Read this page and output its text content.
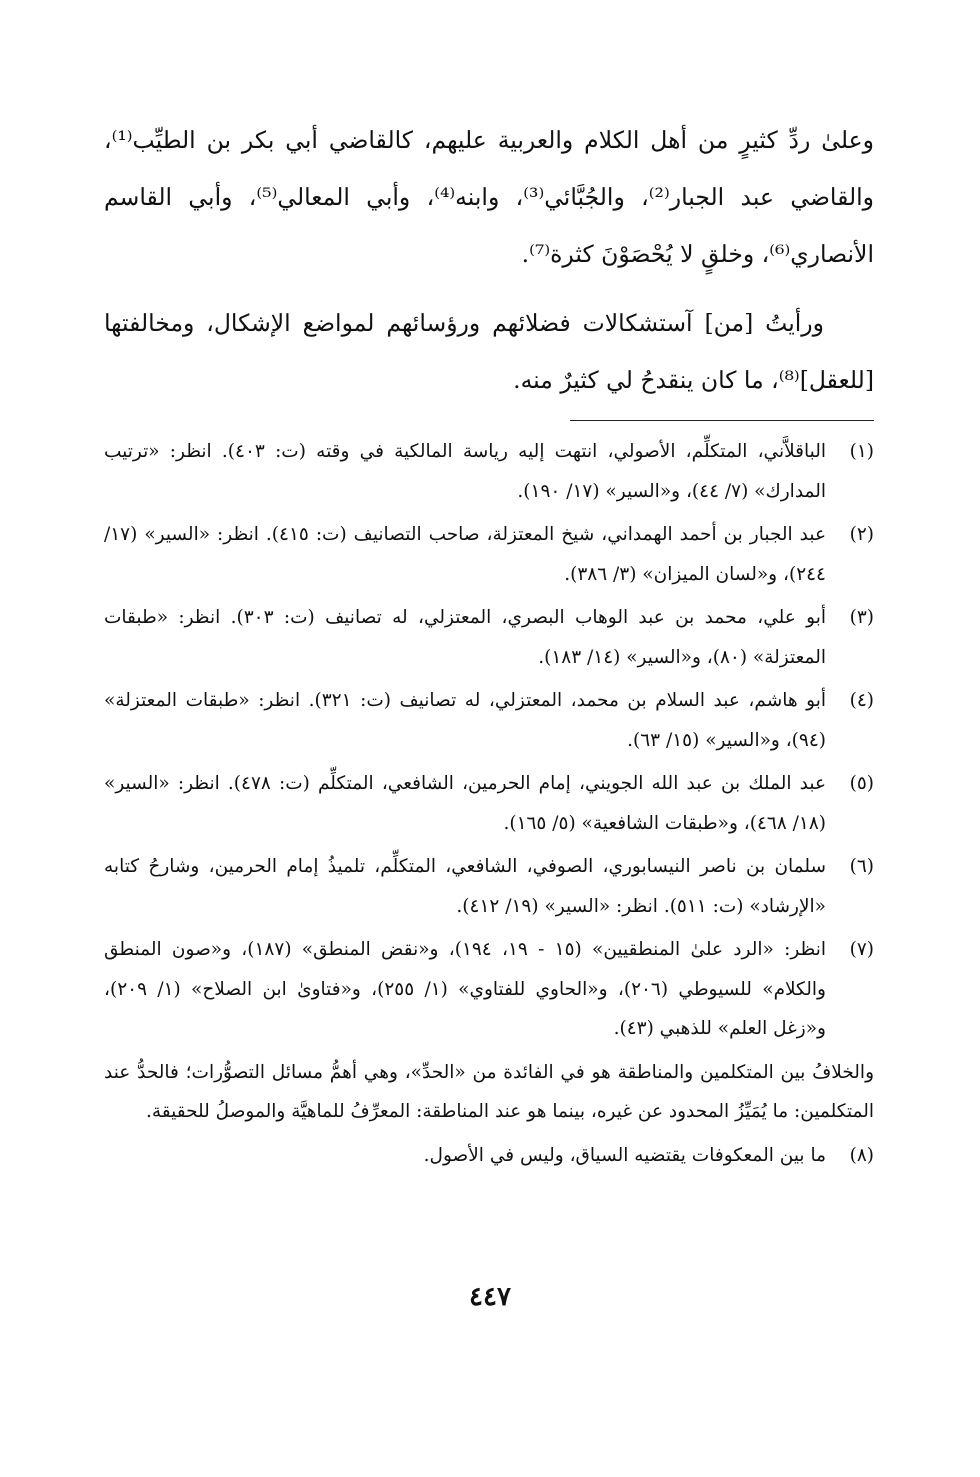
وعلىٰ ردِّ كثيرٍ من أهل الكلام والعربية عليهم، كالقاضي أبي بكر بن الطيِّب⁽¹⁾، والقاضي عبد الجبار⁽²⁾، والجُبَّائي⁽³⁾، وابنه⁽⁴⁾، وأبي المعالي⁽⁵⁾، وأبي القاسم الأنصاري⁽⁶⁾، وخلقٍ لا يُحْصَوْنَ كثرة⁽⁷⁾.

ورأيتُ [من] آستشكالات فضلائهم ورؤسائهم لمواضع الإشكال، ومخالفتها [للعقل]⁽⁸⁾، ما كان ينقدحُ لي كثيرٌ منه.

(١)
الباقلاَّني، المتكلِّم، الأصولي، انتهت إليه رياسة المالكية في وقته (ت: ٤٠٣). انظر: «ترتيب المدارك» (٧/ ٤٤)، و«السير» (١٧/ ١٩٠).
(٢)
عبد الجبار بن أحمد الهمداني، شيخ المعتزلة، صاحب التصانيف (ت: ٤١٥). انظر: «السير» (١٧/ ٢٤٤)، و«لسان الميزان» (٣/ ٣٨٦).
(٣)
أبو علي، محمد بن عبد الوهاب البصري، المعتزلي، له تصانيف (ت: ٣٠٣). انظر: «طبقات المعتزلة» (٨٠)، و«السير» (١٤/ ١٨٣).
(٤)
أبو هاشم، عبد السلام بن محمد، المعتزلي، له تصانيف (ت: ٣٢١). انظر: «طبقات المعتزلة» (٩٤)، و«السير» (١٥/ ٦٣).
(٥)
عبد الملك بن عبد الله الجويني، إمام الحرمين، الشافعي، المتكلِّم (ت: ٤٧٨). انظر: «السير» (١٨/ ٤٦٨)، و«طبقات الشافعية» (٥/ ١٦٥).
(٦)
سلمان بن ناصر النيسابوري، الصوفي، الشافعي، المتكلِّم، تلميذُ إمام الحرمين، وشارحُ كتابه «الإرشاد» (ت: ٥١١). انظر: «السير» (١٩/ ٤١٢).
(٧)
انظر: «الرد علىٰ المنطقيين» (١٥ - ١٩، ١٩٤)، و«نقض المنطق» (١٨٧)، و«صون المنطق والكلام» للسيوطي (٢٠٦)، و«الحاوي للفتاوي» (١/ ٢٥٥)، و«فتاوىٰ ابن الصلاح» (١/ ٢٠٩)، و«زغل العلم» للذهبي (٤٣).
والخلافُ بين المتكلمين والمناطقة هو في الفائدة من «الحدِّ»، وهي أهمُّ مسائل التصوُّرات؛ فالحدُّ عند المتكلمين: ما يُمَيِّزُ المحدود عن غيره، بينما هو عند المناطقة: المعرِّفُ للماهيَّة والموصلُ للحقيقة.
(٨)
ما بين المعكوفات يقتضيه السياق، وليس في الأصول.
٤٤٧
